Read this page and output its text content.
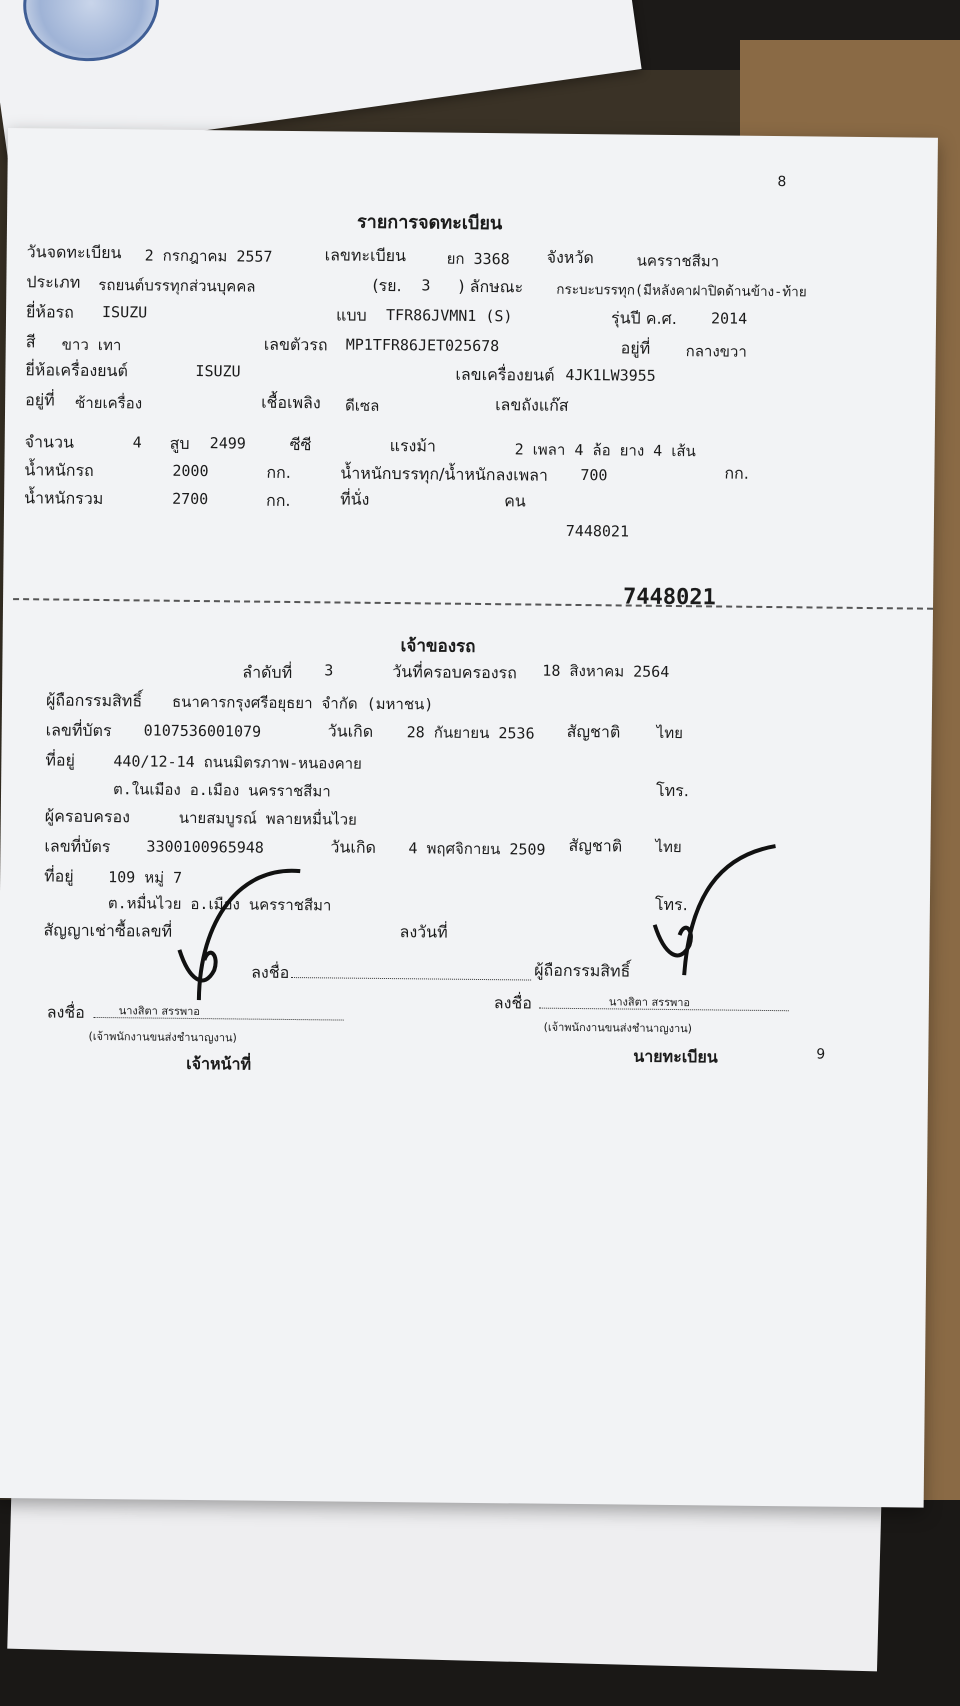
8
รายการจดทะเบียน
วันจดทะเบียน 2 กรกฎาคม 2557	เลขทะเบียน	ยก 3368 จังหวัด	นครราชสีมา
ประเภท รถยนต์บรรทุกส่วนบุคคล	(รย. 3 ) ลักษณะ กระบะบรรทุก(มีหลังคาฝาปิดด้านข้าง-ท้าย
ยี่ห้อรถ ISUZU	แบบ TFR86JVMN1 (S)	รุ่นปี ค.ศ. 2014
สี ขาว เทา	เลขตัวรถ MP1TFR86JET025678	อยู่ที่ กลางขวา
ยี่ห้อเครื่องยนต์	ISUZU	เลขเครื่องยนต์ 4JK1LW3955
อยู่ที่ ซ้ายเครื่อง	เชื้อเพลิง ดีเซล	เลขถังแก๊ส
จำนวน	4 สูบ 2499	ซีซี	แรงม้า	2 เพลา 4 ล้อ ยาง 4 เส้น
น้ำหนักรถ	2000	กก.	น้ำหนักบรรทุก/น้ำหนักลงเพลา 700	กก.
น้ำหนักรวม	2700	กก.	ที่นั่ง	คน
7448021
7448021
เจ้าของรถ
ลำดับที่ 3	วันที่ครอบครองรถ 18 สิงหาคม 2564
ผู้ถือกรรมสิทธิ์ ธนาคารกรุงศรีอยุธยา จำกัด (มหาชน)
เลขที่บัตร 0107536001079	วันเกิด 28 กันยายน 2536 สัญชาติ ไทย
ที่อยู่	440/12-14 ถนนมิตรภาพ-หนองคาย
ต.ในเมือง อ.เมือง นครราชสีมา	โทร.
ผู้ครอบครอง	นายสมบูรณ์ พลายหมื่นไวย
เลขที่บัตร 3300100965948	วันเกิด 4 พฤศจิกายน 2509 สัญชาติ ไทย
ที่อยู่ 109 หมู่ 7
ต.หมื่นไวย อ.เมือง นครราชสีมา	โทร.
สัญญาเช่าซื้อเลขที่	ลงวันที่
ลงชื่อ	ผู้ถือกรรมสิทธิ์
ลงชื่อ	นางสิตา สรรพาอ
(เจ้าพนักงานขนส่งชำนาญงาน)
เจ้าหน้าที่
ลงชื่อ	นางสิตา สรรพาอ
(เจ้าพนักงานขนส่งชำนาญงาน)
นายทะเบียน	9
